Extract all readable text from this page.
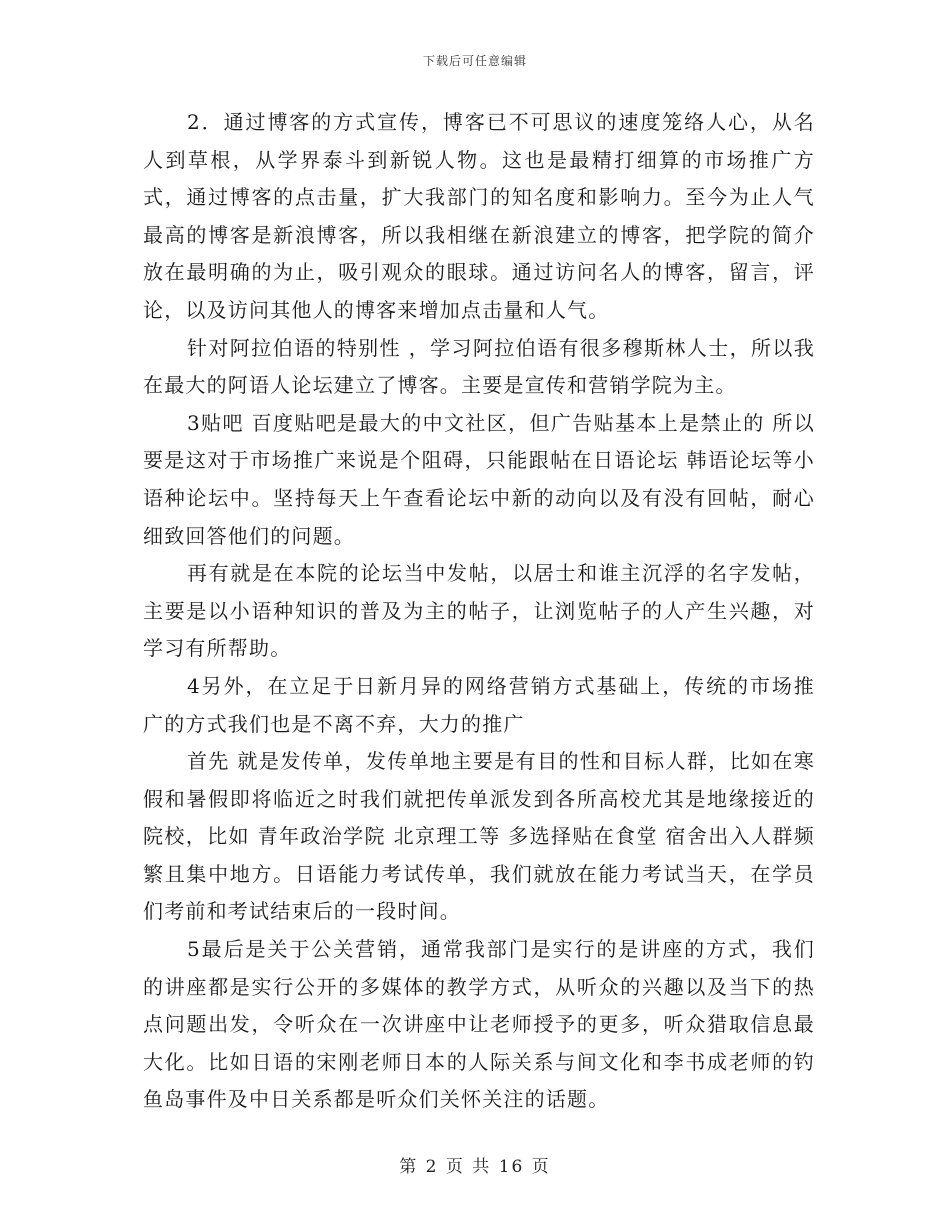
下载后可任意编辑

2．通过博客的方式宣传，博客已不可思议的速度笼络人心，从名人到草根，从学界泰斗到新锐人物。这也是最精打细算的市场推广方式，通过博客的点击量，扩大我部门的知名度和影响力。至今为止人气最高的博客是新浪博客，所以我相继在新浪建立的博客，把学院的简介放在最明确的为止，吸引观众的眼球。通过访问名人的博客，留言，评论，以及访问其他人的博客来增加点击量和人气。

针对阿拉伯语的特别性 ，学习阿拉伯语有很多穆斯林人士，所以我在最大的阿语人论坛建立了博客。主要是宣传和营销学院为主。

3贴吧 百度贴吧是最大的中文社区，但广告贴基本上是禁止的 所以要是这对于市场推广来说是个阻碍，只能跟帖在日语论坛 韩语论坛等小语种论坛中。坚持每天上午查看论坛中新的动向以及有没有回帖，耐心细致回答他们的问题。

再有就是在本院的论坛当中发帖，以居士和谁主沉浮的名字发帖，主要是以小语种知识的普及为主的帖子，让浏览帖子的人产生兴趣，对学习有所帮助。

4另外，在立足于日新月异的网络营销方式基础上，传统的市场推广的方式我们也是不离不弃，大力的推广

首先 就是发传单，发传单地主要是有目的性和目标人群，比如在寒假和暑假即将临近之时我们就把传单派发到各所高校尤其是地缘接近的院校，比如 青年政治学院 北京理工等 多选择贴在食堂 宿舍出入人群频繁且集中地方。日语能力考试传单，我们就放在能力考试当天，在学员们考前和考试结束后的一段时间。

5最后是关于公关营销，通常我部门是实行的是讲座的方式，我们的讲座都是实行公开的多媒体的教学方式，从听众的兴趣以及当下的热点问题出发，令听众在一次讲座中让老师授予的更多，听众猎取信息最大化。比如日语的宋刚老师日本的人际关系与间文化和李书成老师的钓鱼岛事件及中日关系都是听众们关怀关注的话题。

第 2 页 共 16 页
